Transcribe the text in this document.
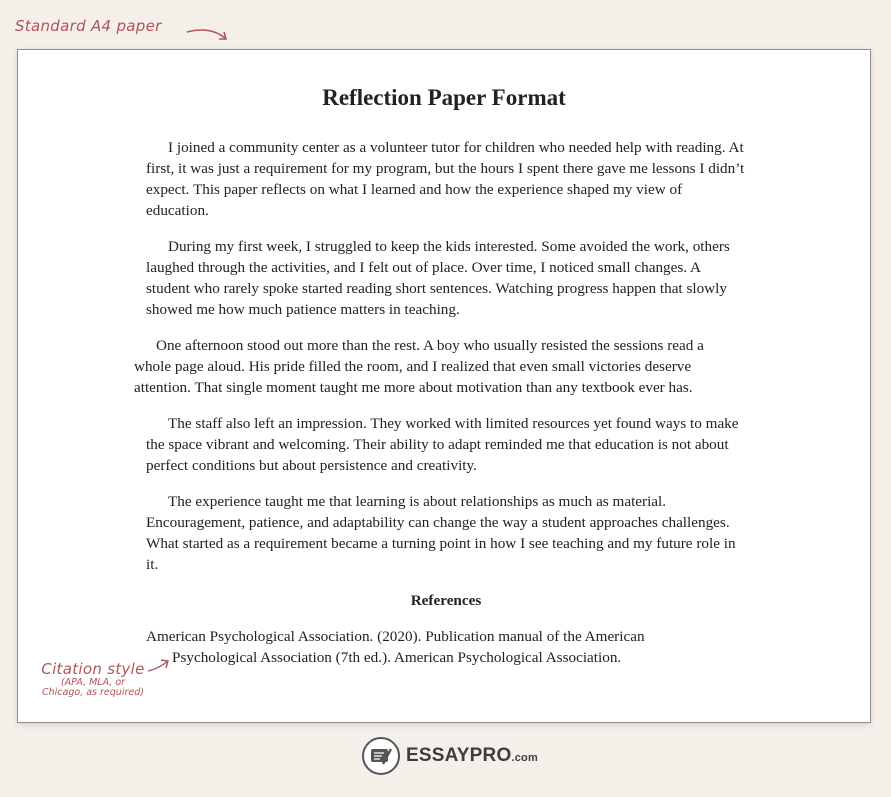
Standard A4 paper
Reflection Paper Format

I joined a community center as a volunteer tutor for children who needed help with reading. At first, it was just a requirement for my program, but the hours I spent there gave me lessons I didn’t expect. This paper reflects on what I learned and how the experience shaped my view of education.

During my first week, I struggled to keep the kids interested. Some avoided the work, others laughed through the activities, and I felt out of place. Over time, I noticed small changes. A student who rarely spoke started reading short sentences. Watching progress happen that slowly showed me how much patience matters in teaching.

One afternoon stood out more than the rest. A boy who usually resisted the sessions read a whole page aloud. His pride filled the room, and I realized that even small victories deserve attention. That single moment taught me more about motivation than any textbook ever has.

The staff also left an impression. They worked with limited resources yet found ways to make the space vibrant and welcoming. Their ability to adapt reminded me that education is not about perfect conditions but about persistence and creativity.

The experience taught me that learning is about relationships as much as material. Encouragement, patience, and adaptability can change the way a student approaches challenges. What started as a requirement became a turning point in how I see teaching and my future role in it.

References

American Psychological Association. (2020). Publication manual of the American
Psychological Association (7th ed.). American Psychological Association.

Citation style
(APA, MLA, or
Chicago, as required)
ESSAYPRO.com
